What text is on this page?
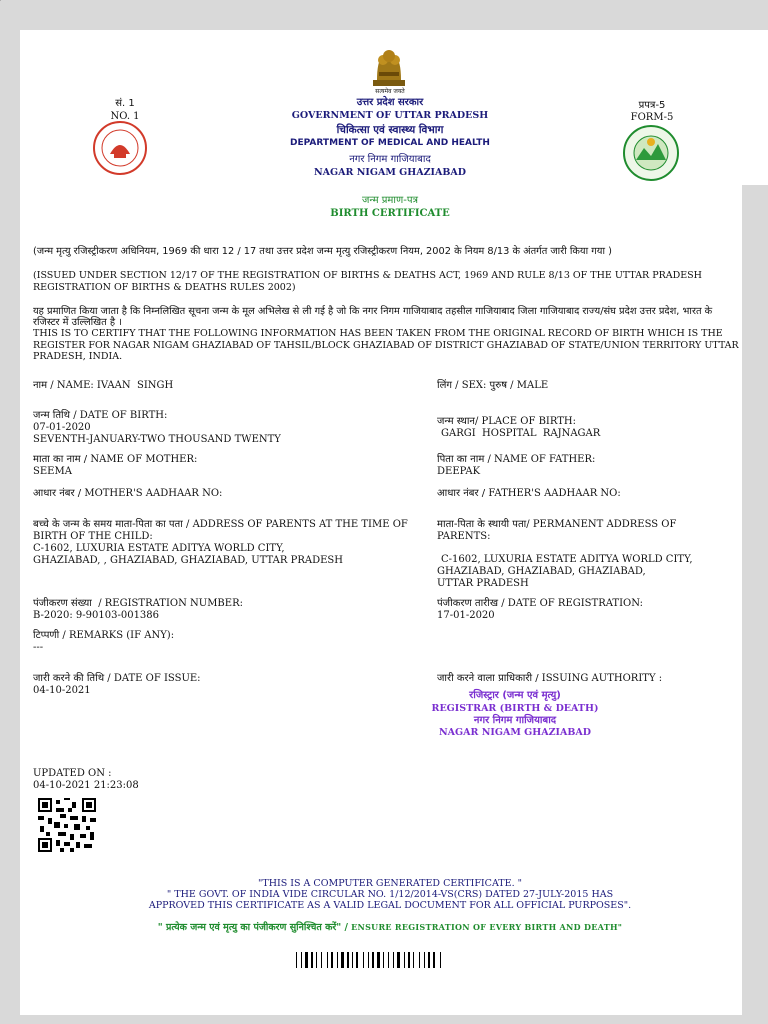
सत्यमेव जयते
सं. 1
NO. 1
प्रपत्र-5
FORM-5
उत्तर प्रदेश सरकार
GOVERNMENT OF UTTAR PRADESH
चिकित्सा एवं स्वास्थ्य विभाग
DEPARTMENT OF MEDICAL AND HEALTH
नगर निगम गाजियाबाद
NAGAR NIGAM GHAZIABAD
जन्म प्रमाण-पत्र
BIRTH CERTIFICATE
(जन्म मृत्यु रजिस्ट्रीकरण अधिनियम, 1969 की धारा 12 / 17 तथा उत्तर प्रदेश जन्म मृत्यु रजिस्ट्रीकरण नियम, 2002 के नियम 8/13 के अंतर्गत जारी किया गया )
(ISSUED UNDER SECTION 12/17 OF THE REGISTRATION OF BIRTHS & DEATHS ACT, 1969 AND RULE 8/13 OF THE UTTAR PRADESH REGISTRATION OF BIRTHS & DEATHS RULES 2002)
यह प्रमाणित किया जाता है कि निम्नलिखित सूचना जन्म के मूल अभिलेख से ली गई है जो कि नगर निगम गाजियाबाद तहसील गाजियाबाद जिला गाजियाबाद राज्य/संघ प्रदेश उत्तर प्रदेश, भारत के रजिस्टर में उल्लिखित है ।
THIS IS TO CERTIFY THAT THE FOLLOWING INFORMATION HAS BEEN TAKEN FROM THE ORIGINAL RECORD OF BIRTH WHICH IS THE REGISTER FOR NAGAR NIGAM GHAZIABAD OF TAHSIL/BLOCK GHAZIABAD OF DISTRICT GHAZIABAD OF STATE/UNION TERRITORY UTTAR PRADESH, INDIA.
नाम / NAME: IVAAN  SINGH	लिंग / SEX: पुरुष / MALE
जन्म तिथि / DATE OF BIRTH:
07-01-2020
SEVENTH-JANUARY-TWO THOUSAND TWENTY
जन्म स्थान/ PLACE OF BIRTH:
GARGI  HOSPITAL  RAJNAGAR
माता का नाम / NAME OF MOTHER:
SEEMA
पिता का नाम / NAME OF FATHER:
DEEPAK
आधार नंबर / MOTHER'S AADHAAR NO:	आधार नंबर / FATHER'S AADHAAR NO:
बच्चे के जन्म के समय माता-पिता का पता / ADDRESS OF PARENTS AT THE TIME OF BIRTH OF THE CHILD:
C-1602, LUXURIA ESTATE ADITYA WORLD CITY,
GHAZIABAD, , GHAZIABAD, GHAZIABAD, UTTAR PRADESH
माता-पिता के स्थायी पता/ PERMANENT ADDRESS OF PARENTS:
C-1602, LUXURIA ESTATE ADITYA WORLD CITY,
GHAZIABAD, GHAZIABAD, GHAZIABAD,
UTTAR PRADESH
पंजीकरण संख्या  / REGISTRATION NUMBER:
B-2020: 9-90103-001386
पंजीकरण तारीख / DATE OF REGISTRATION:
17-01-2020
टिप्पणी / REMARKS (IF ANY):
---
जारी करने की तिथि / DATE OF ISSUE:
04-10-2021
जारी करने वाला प्राधिकारी / ISSUING AUTHORITY :
रजिस्ट्रार (जन्म एवं मृत्यु)
REGISTRAR (BIRTH & DEATH)
नगर निगम गाजियाबाद
NAGAR NIGAM GHAZIABAD
UPDATED ON :
04-10-2021 21:23:08
"THIS IS A COMPUTER GENERATED CERTIFICATE. "
" THE GOVT. OF INDIA VIDE CIRCULAR NO. 1/12/2014-VS(CRS) DATED 27-JULY-2015 HAS
APPROVED THIS CERTIFICATE AS A VALID LEGAL DOCUMENT FOR ALL OFFICIAL PURPOSES".
" प्रत्येक जन्म एवं मृत्यु का पंजीकरण सुनिश्चित करें" / ENSURE REGISTRATION OF EVERY BIRTH AND DEATH"
